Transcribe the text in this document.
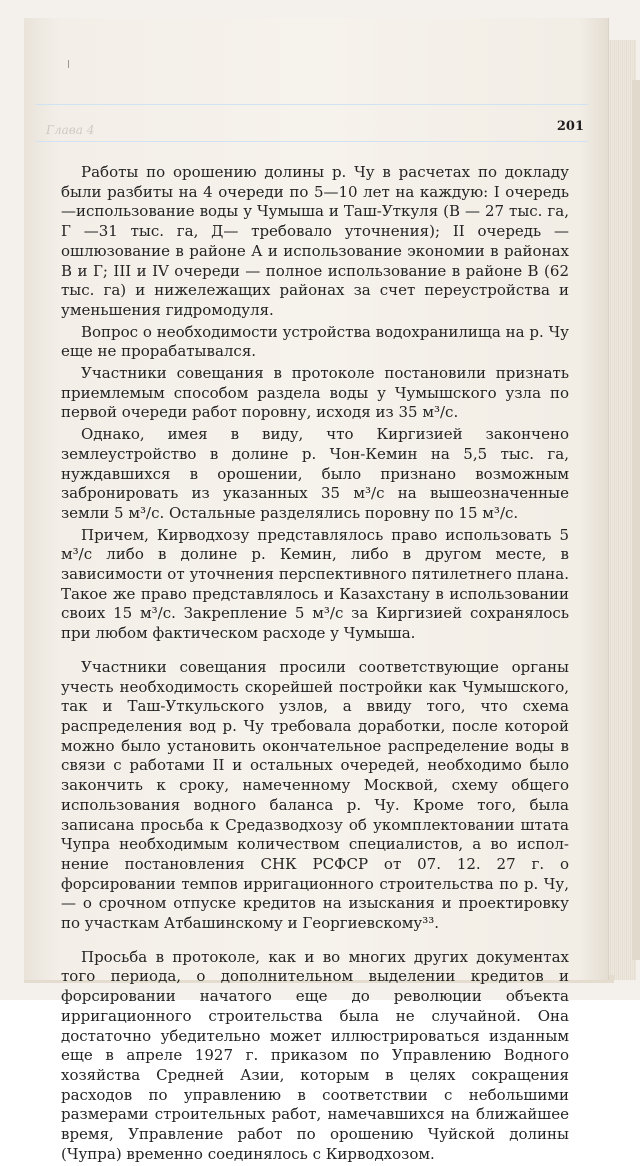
Глава 4	201

Работы по орошению долины р. Чу в расчетах по докладу были разбиты на 4 очереди по 5—10 лет на каждую: I очередь —использование воды у Чумыша и Таш-Уткуля (В — 27 тыс. га, Г —31 тыс. га, Д— требовало уточнения); II очередь — ошлюзование в районе А и использование экономии в районах В и Г; III и IV очереди — полное использование в районе В (62 тыс. га) и нижележащих районах за счет переустройства и уменьшения гидромодуля.

Вопрос о необходимости устройства водохранилища на р. Чу еще не прорабатывался.

Участники совещания в протоколе постановили признать приемлемым способом раздела воды у Чумышского узла по первой очереди работ поровну, исходя из 35 м³/с.

Однако, имея в виду, что Киргизией закончено землеустройство в долине р. Чон-Кемин на 5,5 тыс. га, нуждавшихся в орошении, было признано возможным забронировать из указанных 35 м³/с на вышеозначенные земли 5 м³/с. Остальные разделялись поровну по 15 м³/с.

Причем, Кирводхозу представлялось право использовать 5 м³/с либо в долине р. Кемин, либо в другом месте, в зависимости от уточнения перспективного пятилетнего плана. Такое же право представлялось и Казахстану в использовании своих 15 м³/с. Закрепление 5 м³/с за Киргизией сохранялось при любом фактическом расходе у Чумыша.

Участники совещания просили соответствующие органы учесть необходимость скорейшей постройки как Чумышского, так и Таш-Уткульского узлов, а ввиду того, что схема распределения вод р. Чу требовала доработки, после которой можно было установить окончательное распределение воды в связи с работами II и остальных очередей, необходимо было закончить к сроку, намеченному Москвой, схему общего использования водного баланса р. Чу. Кроме того, была записана просьба к Средазводхозу об укомплектовании штата Чупра необходимым количеством специалистов, а во исполнение постановления СНК РСФСР от 07. 12. 27 г. о форсировании темпов ирригационного строительства по р. Чу,— о срочном отпуске кредитов на изыскания и проектировку по участкам Атбашинскому и Георгиевскому³³.

Просьба в протоколе, как и во многих других документах того периода, о дополнительном выделении кредитов и форсировании начатого еще до революции объекта ирригационного строительства была не случайной. Она достаточно убедительно может иллюстрироваться изданным еще в апреле 1927 г. приказом по Управлению Водного хозяйства Средней Азии, которым в целях сокращения расходов по управлению в соответствии с небольшими размерами строительных работ, намечавшихся на ближайшее время, Управление работ по орошению Чуйской долины (Чупра) временно соединялось с Кирводхозом.
